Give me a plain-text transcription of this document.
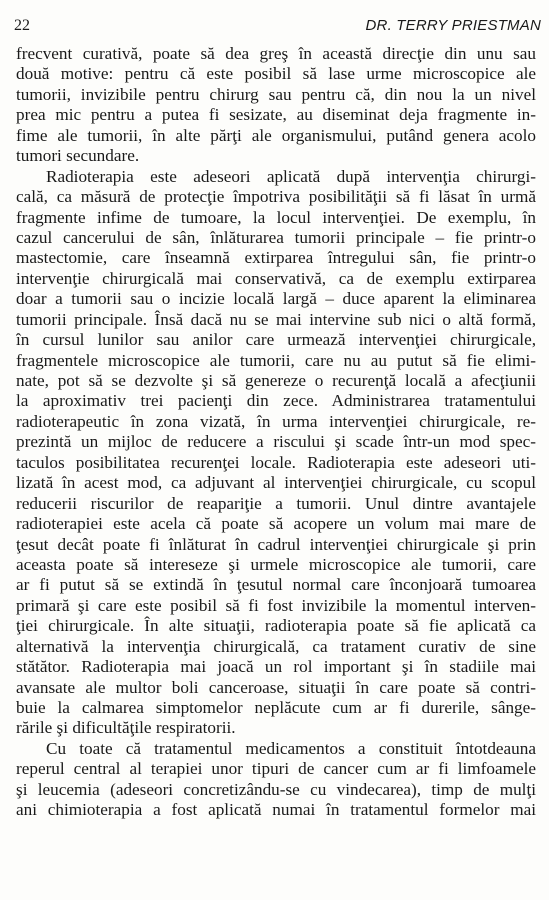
22	DR. TERRY PRIESTMAN
frecvent curativă, poate să dea greş în această direcţie din unu sau
două motive: pentru că este posibil să lase urme microscopice ale
tumorii, invizibile pentru chirurg sau pentru că, din nou la un nivel
prea mic pentru a putea fi sesizate, au diseminat deja fragmente in-
fime ale tumorii, în alte părţi ale organismului, putând genera acolo
tumori secundare.
Radioterapia este adeseori aplicată după intervenţia chirurgi-
cală, ca măsură de protecţie împotriva posibilităţii să fi lăsat în urmă
fragmente infime de tumoare, la locul intervenţiei. De exemplu, în
cazul cancerului de sân, înlăturarea tumorii principale – fie printr-o
mastectomie, care înseamnă extirparea întregului sân, fie printr-o
intervenţie chirurgicală mai conservativă, ca de exemplu extirparea
doar a tumorii sau o incizie locală largă – duce aparent la eliminarea
tumorii principale. Însă dacă nu se mai intervine sub nici o altă formă,
în cursul lunilor sau anilor care urmează intervenţiei chirurgicale,
fragmentele microscopice ale tumorii, care nu au putut să fie elimi-
nate, pot să se dezvolte şi să genereze o recurenţă locală a afecţiunii
la aproximativ trei pacienţi din zece. Administrarea tratamentului
radioterapeutic în zona vizată, în urma intervenţiei chirurgicale, re-
prezintă un mijloc de reducere a riscului şi scade într-un mod spec-
taculos posibilitatea recurenţei locale. Radioterapia este adeseori uti-
lizată în acest mod, ca adjuvant al intervenţiei chirurgicale, cu scopul
reducerii riscurilor de reapariţie a tumorii. Unul dintre avantajele
radioterapiei este acela că poate să acopere un volum mai mare de
ţesut decât poate fi înlăturat în cadrul intervenţiei chirurgicale şi prin
aceasta poate să intereseze şi urmele microscopice ale tumorii, care
ar fi putut să se extindă în ţesutul normal care înconjoară tumoarea
primară şi care este posibil să fi fost invizibile la momentul interven-
ţiei chirurgicale. În alte situaţii, radioterapia poate să fie aplicată ca
alternativă la intervenţia chirurgicală, ca tratament curativ de sine
stătător. Radioterapia mai joacă un rol important şi în stadiile mai
avansate ale multor boli canceroase, situaţii în care poate să contri-
buie la calmarea simptomelor neplăcute cum ar fi durerile, sânge-
rările şi dificultăţile respiratorii.
Cu toate că tratamentul medicamentos a constituit întotdeauna
reperul central al terapiei unor tipuri de cancer cum ar fi limfoamele
şi leucemia (adeseori concretizându-se cu vindecarea), timp de mulţi
ani chimioterapia a fost aplicată numai în tratamentul formelor mai
